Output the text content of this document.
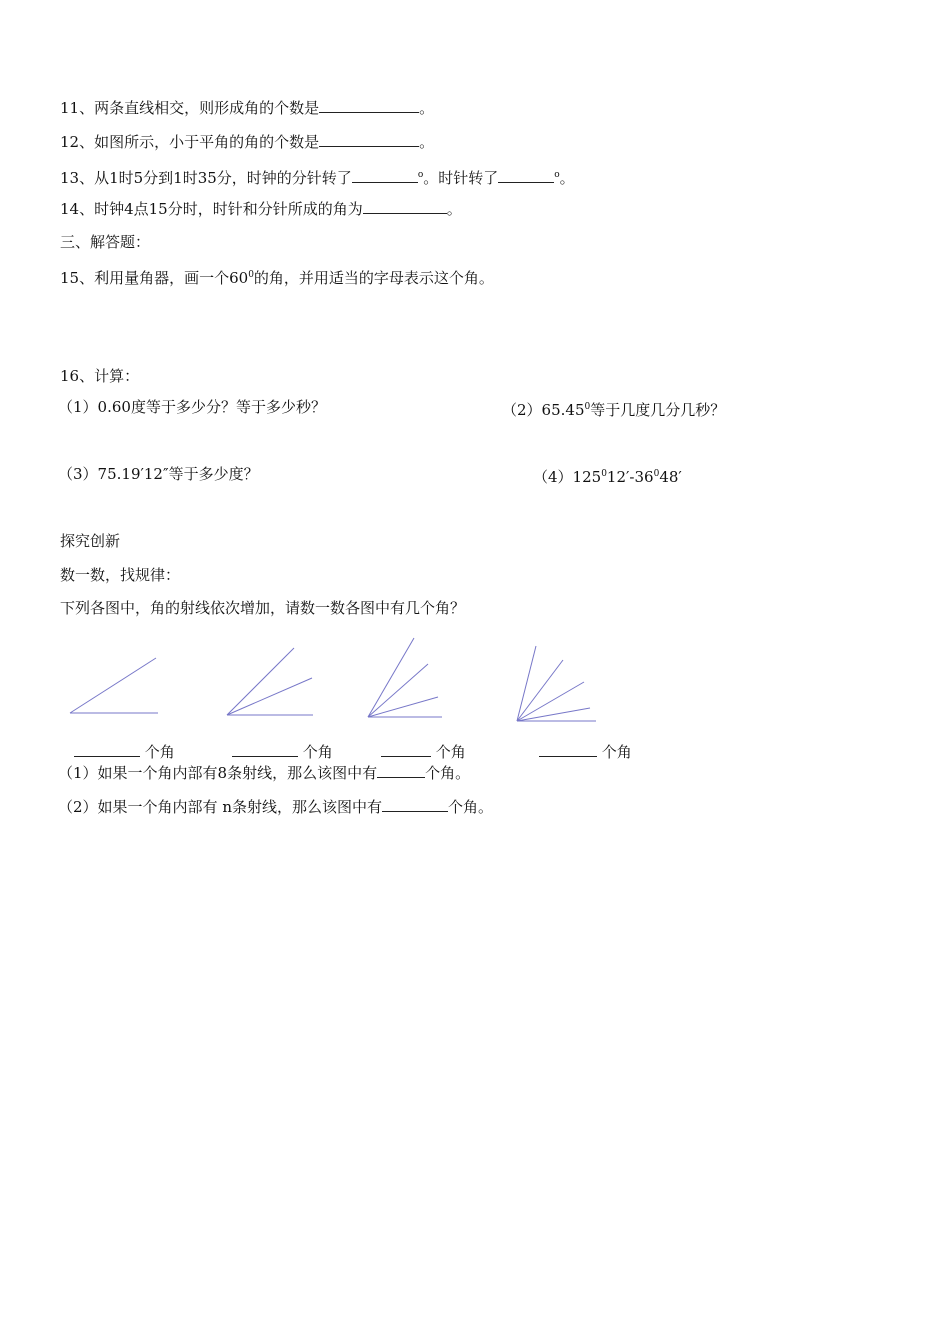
11、两条直线相交，则形成角的个数是	。
12、如图所示，小于平角的角的个数是	。
13、从1时5分到1时35分，时钟的分针转了	$^o$。时针转了	$^o$。
14、时钟4点15分时，时针和分针所成的角为	。
三、解答题：
15、利用量角器，画一个$60^0$的角，并用适当的字母表示这个角。
16、计算：
（1）0.60度等于多少分？等于多少秒？	（2）65.45$^0$等于几度几分几秒？
（3）75.19′12″等于多少度？	$(4)125^012'-36^048'$
探究创新
数一数，找规律：
下列各图中，角的射线依次增加，请数一数各图中有几个角？
个角	个角	个角	个角
（1）如果一个角内部有8条射线，那么该图中有	个角。
（2）如果一个角内部有 n条射线，那么该图中有	个角。
